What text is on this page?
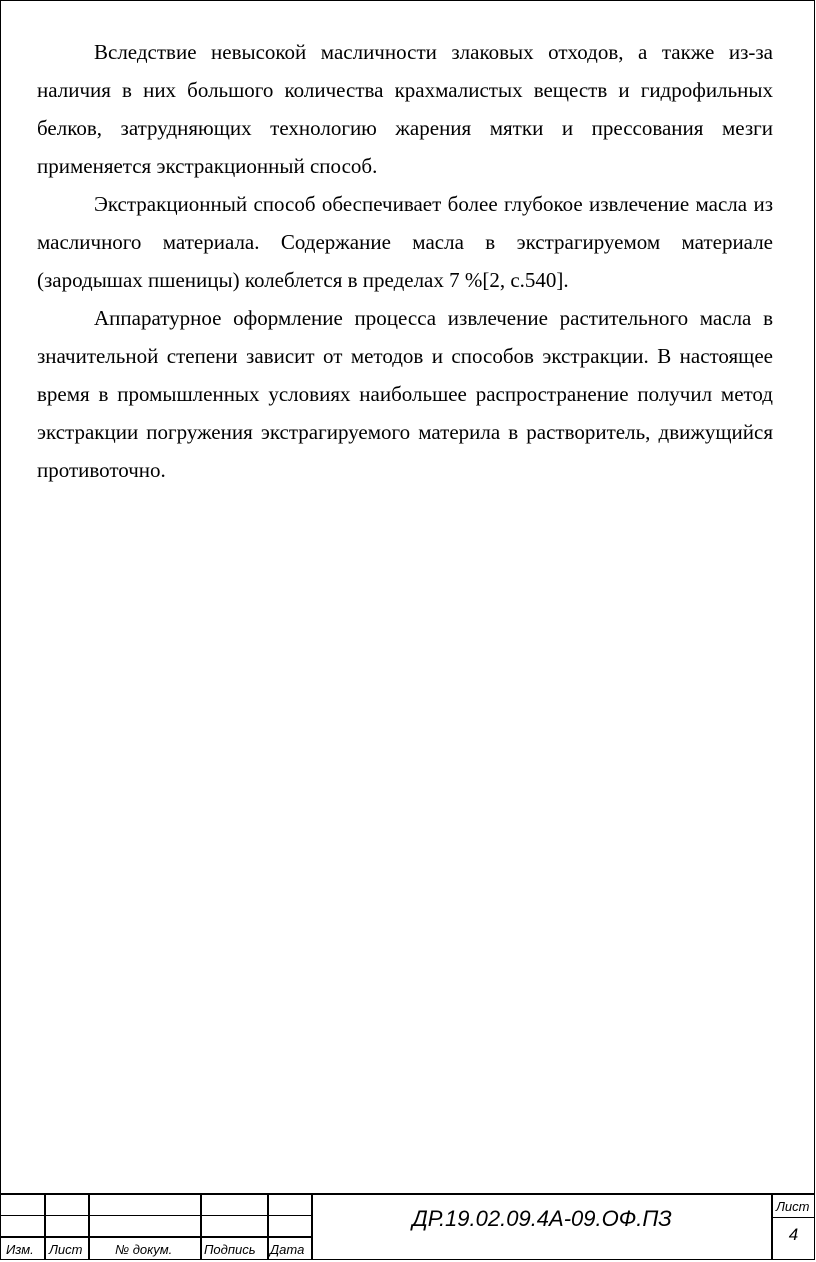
Вследствие невысокой масличности злаковых отходов, а также из-за наличия в них большого количества крахмалистых веществ и гидрофильных белков, затрудняющих технологию жарения мятки и прессования мезги применяется экстракционный способ.

Экстракционный способ обеспечивает более глубокое извлечение масла из масличного материала. Содержание масла в экстрагируемом материале (зародышах пшеницы) колеблется в пределах 7 %[2, с.540].

Аппаратурное оформление процесса извлечение растительного масла в значительной степени зависит от методов и способов экстракции. В настоящее время в промышленных условиях наибольшее распространение получил метод экстракции погружения экстрагируемого материла в растворитель, движущийся противоточно.

Изм. Лист	№ докум. Подпись Дата
ДР.19.02.09.4А-09.ОФ.ПЗ	Лист
4
